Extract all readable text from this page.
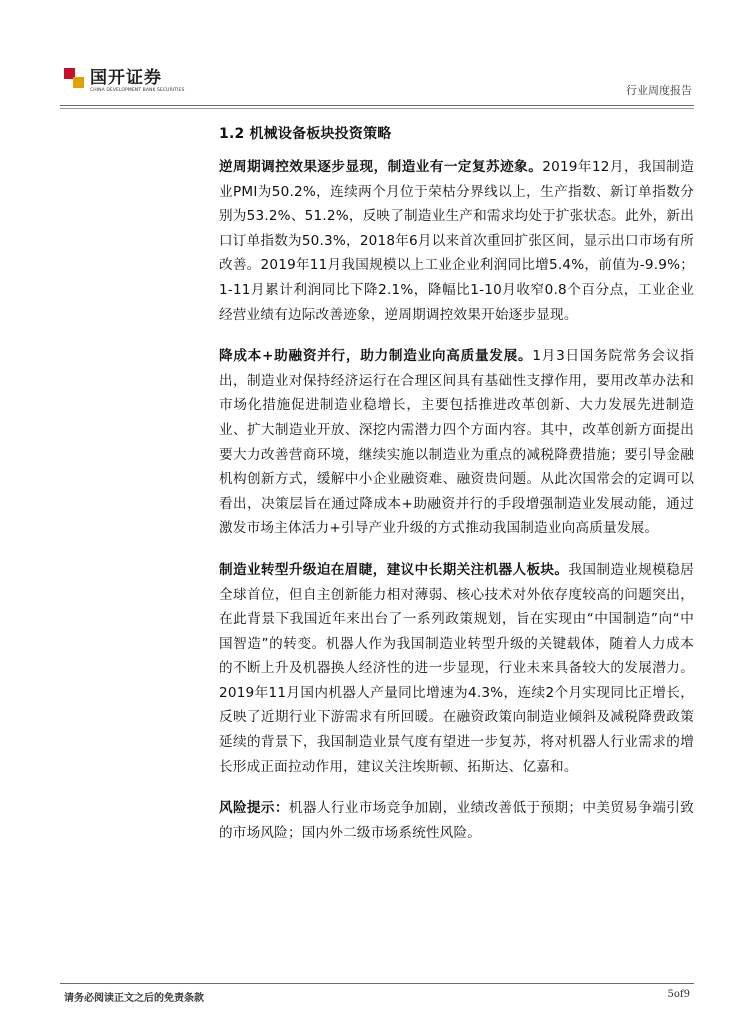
国开证券
CHINA DEVELOPMENT BANK SECURITIES	行业周度报告
1.2 机械设备板块投资策略

逆周期调控效果逐步显现，制造业有一定复苏迹象。2019年12月，我国制造业PMI为50.2%，连续两个月位于荣枯分界线以上，生产指数、新订单指数分别为53.2%、51.2%，反映了制造业生产和需求均处于扩张状态。此外，新出口订单指数为50.3%，2018年6月以来首次重回扩张区间，显示出口市场有所改善。2019年11月我国规模以上工业企业利润同比增5.4%，前值为-9.9%；1-11月累计利润同比下降2.1%，降幅比1-10月收窄0.8个百分点，工业企业经营业绩有边际改善迹象，逆周期调控效果开始逐步显现。

降成本+助融资并行，助力制造业向高质量发展。1月3日国务院常务会议指出，制造业对保持经济运行在合理区间具有基础性支撑作用，要用改革办法和市场化措施促进制造业稳增长，主要包括推进改革创新、大力发展先进制造业、扩大制造业开放、深挖内需潜力四个方面内容。其中，改革创新方面提出要大力改善营商环境，继续实施以制造业为重点的减税降费措施；要引导金融机构创新方式，缓解中小企业融资难、融资贵问题。从此次国常会的定调可以看出，决策层旨在通过降成本+助融资并行的手段增强制造业发展动能，通过激发市场主体活力+引导产业升级的方式推动我国制造业向高质量发展。

制造业转型升级迫在眉睫，建议中长期关注机器人板块。我国制造业规模稳居全球首位，但自主创新能力相对薄弱、核心技术对外依存度较高的问题突出，在此背景下我国近年来出台了一系列政策规划，旨在实现由“中国制造”向“中国智造”的转变。机器人作为我国制造业转型升级的关键载体，随着人力成本的不断上升及机器换人经济性的进一步显现，行业未来具备较大的发展潜力。2019年11月国内机器人产量同比增速为4.3%，连续2个月实现同比正增长，反映了近期行业下游需求有所回暖。在融资政策向制造业倾斜及减税降费政策延续的背景下，我国制造业景气度有望进一步复苏，将对机器人行业需求的增长形成正面拉动作用，建议关注埃斯顿、拓斯达、亿嘉和。

风险提示：机器人行业市场竞争加剧，业绩改善低于预期；中美贸易争端引致的市场风险；国内外二级市场系统性风险。

请务必阅读正文之后的免责条款	5of9
